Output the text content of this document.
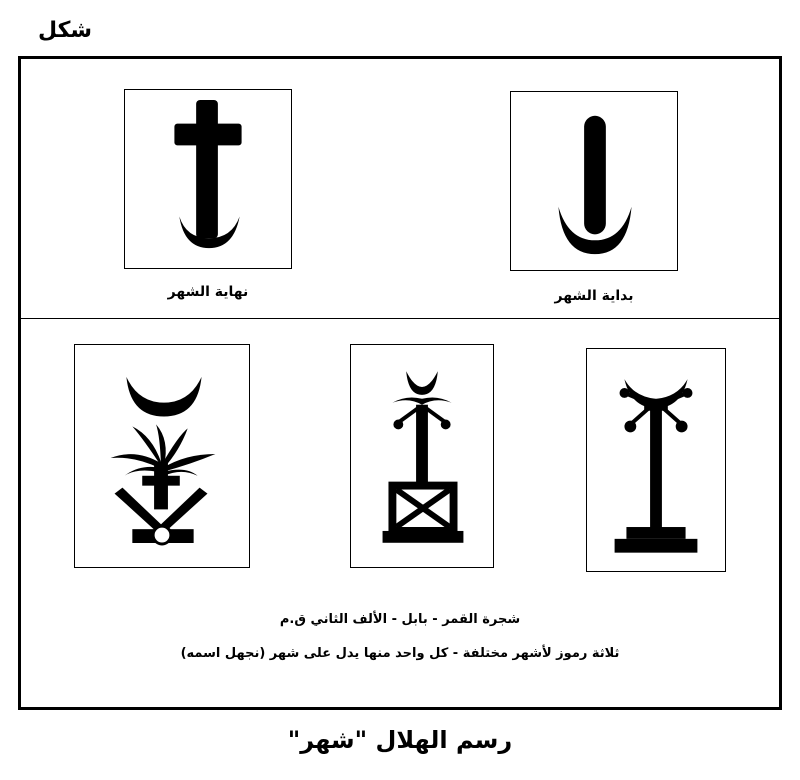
شكل
نهاية الشهر	بداية الشهر
شجرة القمر - بابل - الألف الثاني ق.م
ثلاثة رموز لأشهر مختلفة - كل واحد منها يدل على شهر (نجهل اسمه)
رسم الهلال "شهر"
